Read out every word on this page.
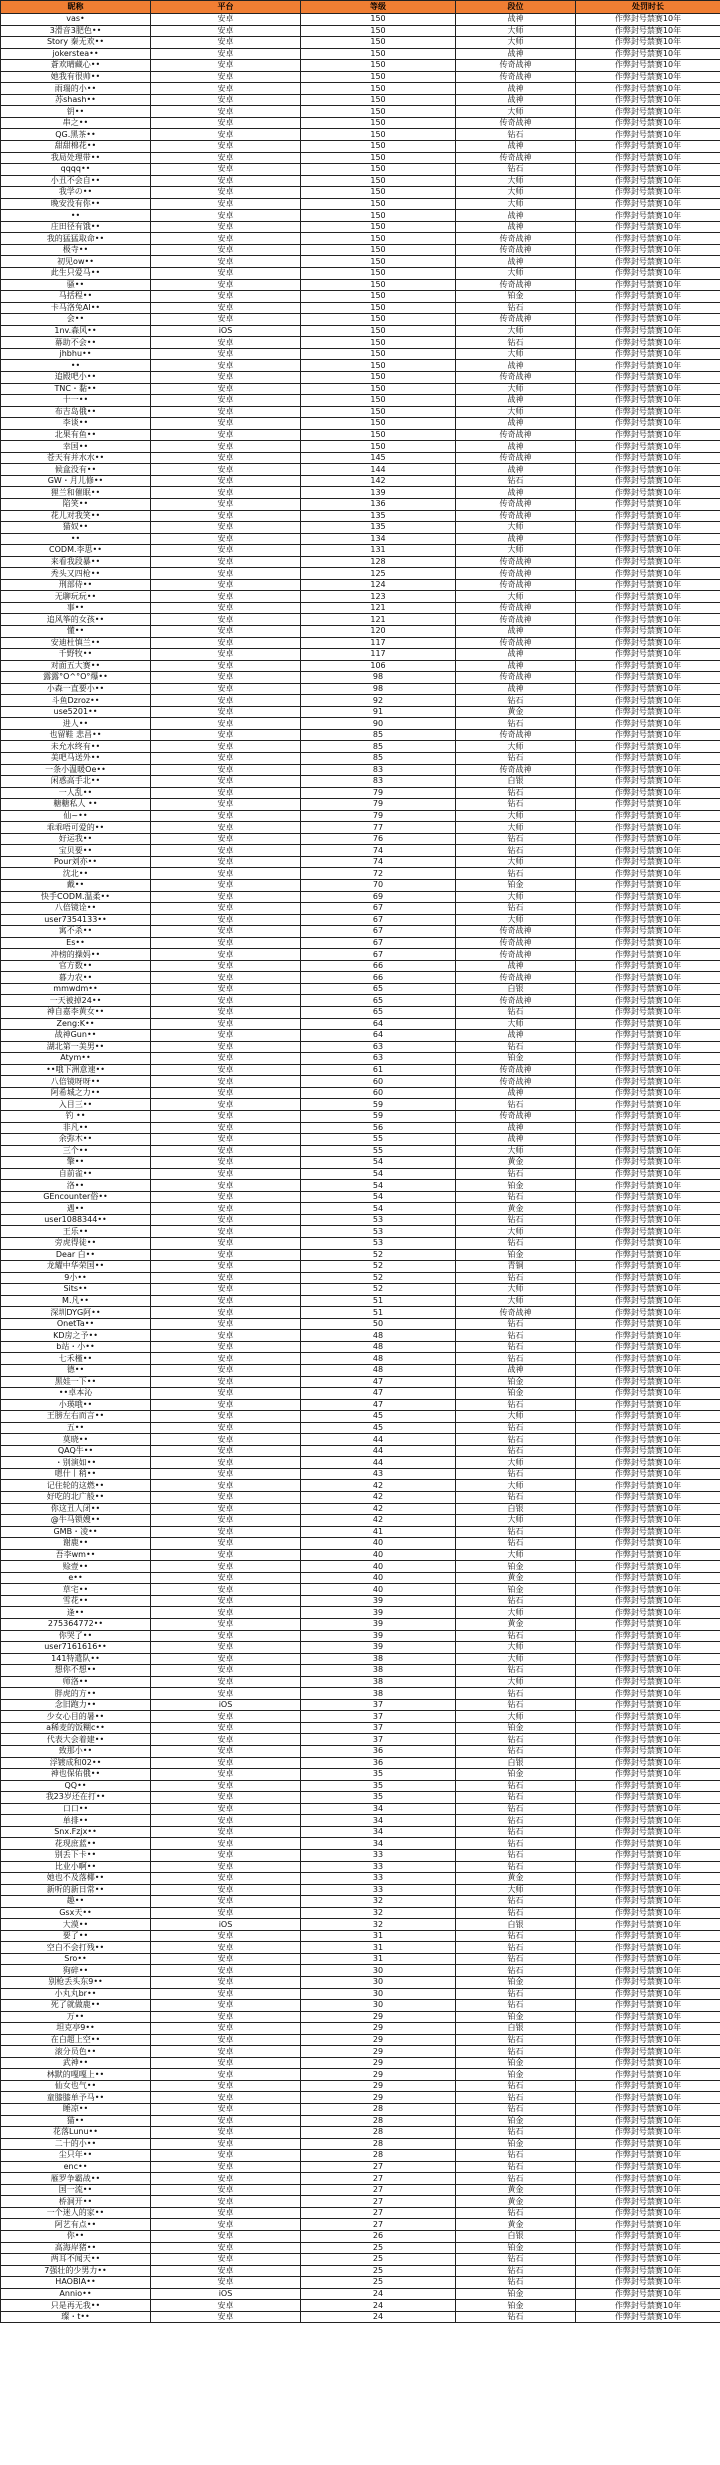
昵称	平台	等级	段位	处罚时长
vas•	安卓	150	战神	作弊封号禁赛10年
3滑音3肥色••	安卓	150	大师	作弊封号禁赛10年
Story 秦无欢••	安卓	150	大师	作弊封号禁赛10年
jokerstea••	安卓	150	战神	作弊封号禁赛10年
蒼欢晴藏心••	安卓	150	传奇战神	作弊封号禁赛10年
她我有很帅••	安卓	150	传奇战神	作弊封号禁赛10年
雨瑞的小••	安卓	150	战神	作弊封号禁赛10年
苏shash••	安卓	150	战神	作弊封号禁赛10年
钥••	安卓	150	大师	作弊封号禁赛10年
串之••	安卓	150	传奇战神	作弊封号禁赛10年
QG.黑茶••	安卓	150	钻石	作弊封号禁赛10年
甜甜棉花••	安卓	150	战神	作弊封号禁赛10年
我局处理带••	安卓	150	传奇战神	作弊封号禁赛10年
qqqq••	安卓	150	钻石	作弊封号禁赛10年
小丑不会自••	安卓	150	大师	作弊封号禁赛10年
我学の••	安卓	150	大师	作弊封号禁赛10年
晚安没有你••	安卓	150	大师	作弊封号禁赛10年
••	安卓	150	战神	作弊封号禁赛10年
庄田径有饿••	安卓	150	战神	作弊封号禁赛10年
我的猛猛取命••	安卓	150	传奇战神	作弊封号禁赛10年
极寺••	安卓	150	传奇战神	作弊封号禁赛10年
初见ow••	安卓	150	战神	作弊封号禁赛10年
此生只爱马••	安卓	150	大师	作弊封号禁赛10年
骚••	安卓	150	传奇战神	作弊封号禁赛10年
马括程••	安卓	150	铂金	作弊封号禁赛10年
卡马洛兔AI••	安卓	150	钻石	作弊封号禁赛10年
会••	安卓	150	传奇战神	作弊封号禁赛10年
1nv.森风••	iOS	150	大师	作弊封号禁赛10年
幕助不会••	安卓	150	钻石	作弊封号禁赛10年
jhbhu••	安卓	150	大师	作弊封号禁赛10年
••	安卓	150	战神	作弊封号禁赛10年
追殿吧小••	安卓	150	传奇战神	作弊封号禁赛10年
TNC・黏••	安卓	150	大师	作弊封号禁赛10年
十一••	安卓	150	战神	作弊封号禁赛10年
布吉岛俄••	安卓	150	大师	作弊封号禁赛10年
李谈••	安卓	150	战神	作弊封号禁赛10年
北果有鱼••	安卓	150	传奇战神	作弊封号禁赛10年
幸国••	安卓	150	战神	作弊封号禁赛10年
苍天有并水水••	安卓	145	传奇战神	作弊封号禁赛10年
候盒没有••	安卓	144	战神	作弊封号禁赛10年
GW・月儿修••	安卓	142	钻石	作弊封号禁赛10年
狸兰和催眠••	安卓	139	战神	作弊封号禁赛10年
陷笑••	安卓	136	传奇战神	作弊封号禁赛10年
花儿对我笑••	安卓	135	传奇战神	作弊封号禁赛10年
猫奴••	安卓	135	大师	作弊封号禁赛10年
••	安卓	134	战神	作弊封号禁赛10年
CODM.李思••	安卓	131	大师	作弊封号禁赛10年
来看我段暴••	安卓	128	传奇战神	作弊封号禁赛10年
秃头又四枪••	安卓	125	传奇战神	作弊封号禁赛10年
刑部侍••	安卓	124	传奇战神	作弊封号禁赛10年
无聊玩玩••	安卓	123	大师	作弊封号禁赛10年
事••	安卓	121	传奇战神	作弊封号禁赛10年
追风筝的女孩••	安卓	121	传奇战神	作弊封号禁赛10年
懂••	安卓	120	战神	作弊封号禁赛10年
安迪杜慎兰••	安卓	117	传奇战神	作弊封号禁赛10年
千野牧••	安卓	117	战神	作弊封号禁赛10年
对面五大赛••	安卓	106	战神	作弊封号禁赛10年
露露°O^°O°爆••	安卓	98	传奇战神	作弊封号禁赛10年
小森一直要小••	安卓	98	战神	作弊封号禁赛10年
斗鱼Dzroz••	安卓	92	钻石	作弊封号禁赛10年
use5201••	安卓	91	黄金	作弊封号禁赛10年
进人••	安卓	90	钻石	作弊封号禁赛10年
也留鞋 悲昌••	安卓	85	传奇战神	作弊封号禁赛10年
未允水终有••	安卓	85	大师	作弊封号禁赛10年
美吧马送外••	安卓	85	钻石	作弊封号禁赛10年
一条小温暖Oe••	安卓	83	传奇战神	作弊封号禁赛10年
闲惑高手北••	安卓	83	白银	作弊封号禁赛10年
一人乱••	安卓	79	钻石	作弊封号禁赛10年
糖糖私人 ••	安卓	79	钻石	作弊封号禁赛10年
仙~••	安卓	79	大师	作弊封号禁赛10年
乖乖唔可爱的••	安卓	77	大师	作弊封号禁赛10年
好运我••	安卓	76	钻石	作弊封号禁赛10年
宝贝要••	安卓	74	钻石	作弊封号禁赛10年
Pour刘亦••	安卓	74	大师	作弊封号禁赛10年
沈北••	安卓	72	钻石	作弊封号禁赛10年
戴••	安卓	70	铂金	作弊封号禁赛10年
快手CODM.温柔••	安卓	69	大师	作弊封号禁赛10年
八倍镜诠••	安卓	67	钻石	作弊封号禁赛10年
user7354133••	安卓	67	大师	作弊封号禁赛10年
寓不杀••	安卓	67	传奇战神	作弊封号禁赛10年
Es••	安卓	67	传奇战神	作弊封号禁赛10年
冲榜的操妈••	安卓	67	传奇战神	作弊封号禁赛10年
官方数••	安卓	66	战神	作弊封号禁赛10年
暮力农••	安卓	66	传奇战神	作弊封号禁赛10年
mmwdm••	安卓	65	白银	作弊封号禁赛10年
一天被掉24••	安卓	65	传奇战神	作弊封号禁赛10年
神自嘉李黄女••	安卓	65	钻石	作弊封号禁赛10年
Zeng:K••	安卓	64	大师	作弊封号禁赛10年
战神Gun••	安卓	64	战神	作弊封号禁赛10年
湖北第一美男••	安卓	63	钻石	作弊封号禁赛10年
Atym••	安卓	63	铂金	作弊封号禁赛10年
••哦下洲意速••	安卓	61	传奇战神	作弊封号禁赛10年
八倍镜呀呀••	安卓	60	传奇战神	作弊封号禁赛10年
阿希城之力••	安卓	60	战神	作弊封号禁赛10年
入目三••	安卓	59	钻石	作弊封号禁赛10年
钓 ••	安卓	59	传奇战神	作弊封号禁赛10年
非凡••	安卓	56	战神	作弊封号禁赛10年
余弥木••	安卓	55	战神	作弊封号禁赛10年
三个••	安卓	55	大师	作弊封号禁赛10年
擎••	安卓	54	黄金	作弊封号禁赛10年
自前雀••	安卓	54	钻石	作弊封号禁赛10年
洛••	安卓	54	铂金	作弊封号禁赛10年
GEncounter俗••	安卓	54	钻石	作弊封号禁赛10年
遇••	安卓	54	黄金	作弊封号禁赛10年
user1088344••	安卓	53	钻石	作弊封号禁赛10年
王乐••	安卓	53	大师	作弊封号禁赛10年
旁虎得徒••	安卓	53	钻石	作弊封号禁赛10年
Dear 白••	安卓	52	铂金	作弊封号禁赛10年
龙耀中华荣国••	安卓	52	青铜	作弊封号禁赛10年
9小••	安卓	52	钻石	作弊封号禁赛10年
Sits••	安卓	52	大师	作弊封号禁赛10年
M.凡••	安卓	51	大师	作弊封号禁赛10年
深圳DYG阿••	安卓	51	传奇战神	作弊封号禁赛10年
OnetTa••	安卓	50	钻石	作弊封号禁赛10年
KD房之予••	安卓	48	钻石	作弊封号禁赛10年
b站・小••	安卓	48	钻石	作弊封号禁赛10年
七禾槿••	安卓	48	钻石	作弊封号禁赛10年
德••	安卓	48	战神	作弊封号禁赛10年
黑娃一下••	安卓	47	铂金	作弊封号禁赛10年
••卓本沁	安卓	47	铂金	作弊封号禁赛10年
小瑛哦••	安卓	47	钻石	作弊封号禁赛10年
王膀左右而言••	安卓	45	大师	作弊封号禁赛10年
五••	安卓	45	钻石	作弊封号禁赛10年
莫晓••	安卓	44	钻石	作弊封号禁赛10年
QAQ牛••	安卓	44	钻石	作弊封号禁赛10年
・别演如••	安卓	44	大师	作弊封号禁赛10年
嗯什丨稍••	安卓	43	钻石	作弊封号禁赛10年
记住轮的这燃••	安卓	42	大师	作弊封号禁赛10年
好吃的北广般••	安卓	42	钻石	作弊封号禁赛10年
你这丑人闭••	安卓	42	白银	作弊封号禁赛10年
@牛马锁嫂••	安卓	42	大师	作弊封号禁赛10年
GMB・凌••	安卓	41	钻石	作弊封号禁赛10年
谢鹿••	安卓	40	钻石	作弊封号禁赛10年
吾李wm••	安卓	40	大师	作弊封号禁赛10年
赊壹••	安卓	40	铂金	作弊封号禁赛10年
e••	安卓	40	黄金	作弊封号禁赛10年
草宅••	安卓	40	铂金	作弊封号禁赛10年
雪花••	安卓	39	钻石	作弊封号禁赛10年
逢••	安卓	39	大师	作弊封号禁赛10年
275364772••	安卓	39	黄金	作弊封号禁赛10年
你哭了••	安卓	39	钻石	作弊封号禁赛10年
user7161616••	安卓	39	大师	作弊封号禁赛10年
141特遣队••	安卓	38	大师	作弊封号禁赛10年
想你不想••	安卓	38	钻石	作弊封号禁赛10年
师洛••	安卓	38	大师	作弊封号禁赛10年
胖虎的方••	安卓	38	钻石	作弊封号禁赛10年
念旧跑力••	iOS	37	钻石	作弊封号禁赛10年
少女心目的暑••	安卓	37	大师	作弊封号禁赛10年
a稀麦的饭糊c••	安卓	37	铂金	作弊封号禁赛10年
代表大会着建••	安卓	37	钻石	作弊封号禁赛10年
致那小••	安卓	36	钻石	作弊封号禁赛10年
浮镀成和02••	安卓	36	白银	作弊封号禁赛10年
神也保佑俄••	安卓	35	铂金	作弊封号禁赛10年
QQ••	安卓	35	钻石	作弊封号禁赛10年
我23岁还在打••	安卓	35	钻石	作弊封号禁赛10年
口口••	安卓	34	钻石	作弊封号禁赛10年
单排••	安卓	34	钻石	作弊封号禁赛10年
Snx.Fzjx••	安卓	34	钻石	作弊封号禁赛10年
花现庶蓝••	安卓	34	钻石	作弊封号禁赛10年
别丢下卡••	安卓	33	钻石	作弊封号禁赛10年
比业小啊••	安卓	33	钻石	作弊封号禁赛10年
她也不及落椰••	安卓	33	黄金	作弊封号禁赛10年
新听的新日常••	安卓	33	大师	作弊封号禁赛10年
趣••	安卓	32	钻石	作弊封号禁赛10年
Gsx天••	安卓	32	钻石	作弊封号禁赛10年
大漠••	iOS	32	白银	作弊封号禁赛10年
要了••	安卓	31	钻石	作弊封号禁赛10年
空白不会打残••	安卓	31	钻石	作弊封号禁赛10年
Sro••	安卓	31	钻石	作弊封号禁赛10年
狗碎••	安卓	30	钻石	作弊封号禁赛10年
别枪丢头东9••	安卓	30	铂金	作弊封号禁赛10年
小丸丸br••	安卓	30	钻石	作弊封号禁赛10年
死了就做鹿••	安卓	30	钻石	作弊封号禁赛10年
万••	安卓	29	铂金	作弊封号禁赛10年
坦克亭9••	安卓	29	白银	作弊封号禁赛10年
在白超上空••	安卓	29	钻石	作弊封号禁赛10年
滚分员色••	安卓	29	钻石	作弊封号禁赛10年
武神••	安卓	29	铂金	作弊封号禁赛10年
林默的嘎嘎上••	安卓	29	铂金	作弊封号禁赛10年
仙女也气••	安卓	29	钻石	作弊封号禁赛10年
童膝膝单予马••	安卓	29	钻石	作弊封号禁赛10年
睡凉••	安卓	28	钻石	作弊封号禁赛10年
猫••	安卓	28	铂金	作弊封号禁赛10年
花落Lunu••	安卓	28	钻石	作弊封号禁赛10年
二十的小••	安卓	28	铂金	作弊封号禁赛10年
尘只年••	安卓	28	钻石	作弊封号禁赛10年
enc••	安卓	27	钻石	作弊封号禁赛10年
雁罗争霸战••	安卓	27	钻石	作弊封号禁赛10年
国一流••	安卓	27	黄金	作弊封号禁赛10年
桥洞开••	安卓	27	黄金	作弊封号禁赛10年
一个迷人的家••	安卓	27	钻石	作弊封号禁赛10年
阿艺有点••	安卓	27	黄金	作弊封号禁赛10年
你••	安卓	26	白银	作弊封号禁赛10年
高海岸猪••	安卓	25	铂金	作弊封号禁赛10年
两耳不闻天••	安卓	25	钻石	作弊封号禁赛10年
7强壮的少男力••	安卓	25	钻石	作弊封号禁赛10年
HAOBIA••	安卓	25	钻石	作弊封号禁赛10年
Annio••	iOS	24	铂金	作弊封号禁赛10年
只是再无我••	安卓	24	铂金	作弊封号禁赛10年
璨・t••	安卓	24	钻石	作弊封号禁赛10年
